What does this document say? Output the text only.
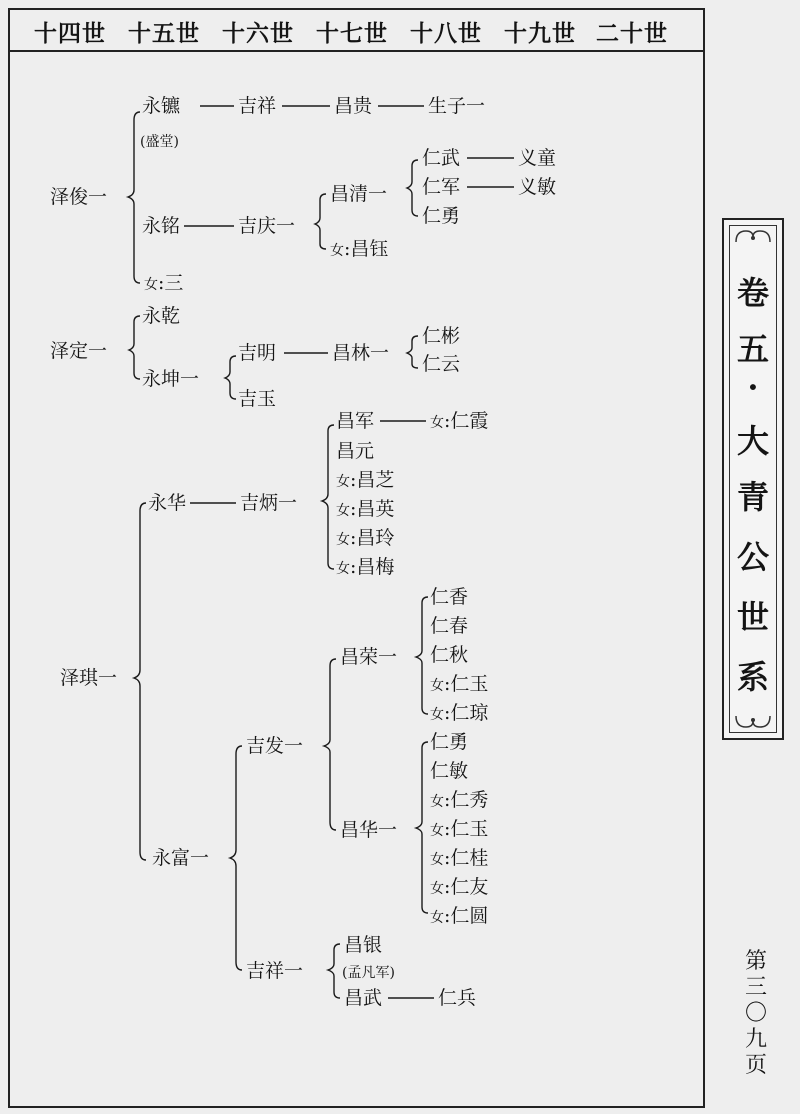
十四世 十五世 十六世 十七世 十八世 十九世 二十世
泽俊一
永镳
(盛堂)
吉祥	昌贵	生子一
永铭	吉庆一
昌清一
仁武	义童
仁军	义敏
仁勇
女:昌钰
女:三
泽定一
永乾
永坤一
吉明	昌林一
仁彬
仁云
吉玉
泽琪一
永华	吉炳一
昌军	女:仁霞
昌元
女:昌芝
女:昌英
女:昌玲
女:昌梅
永富一
吉发一
昌荣一
仁香
仁春
仁秋
女:仁玉
女:仁琼
昌华一
仁勇
仁敏
女:仁秀
女:仁玉
女:仁桂
女:仁友
女:仁圆
吉祥一
昌银
(孟凡军)
昌武	仁兵
卷
五
·
大
青
公
世
系
第
三
〇
九
页
